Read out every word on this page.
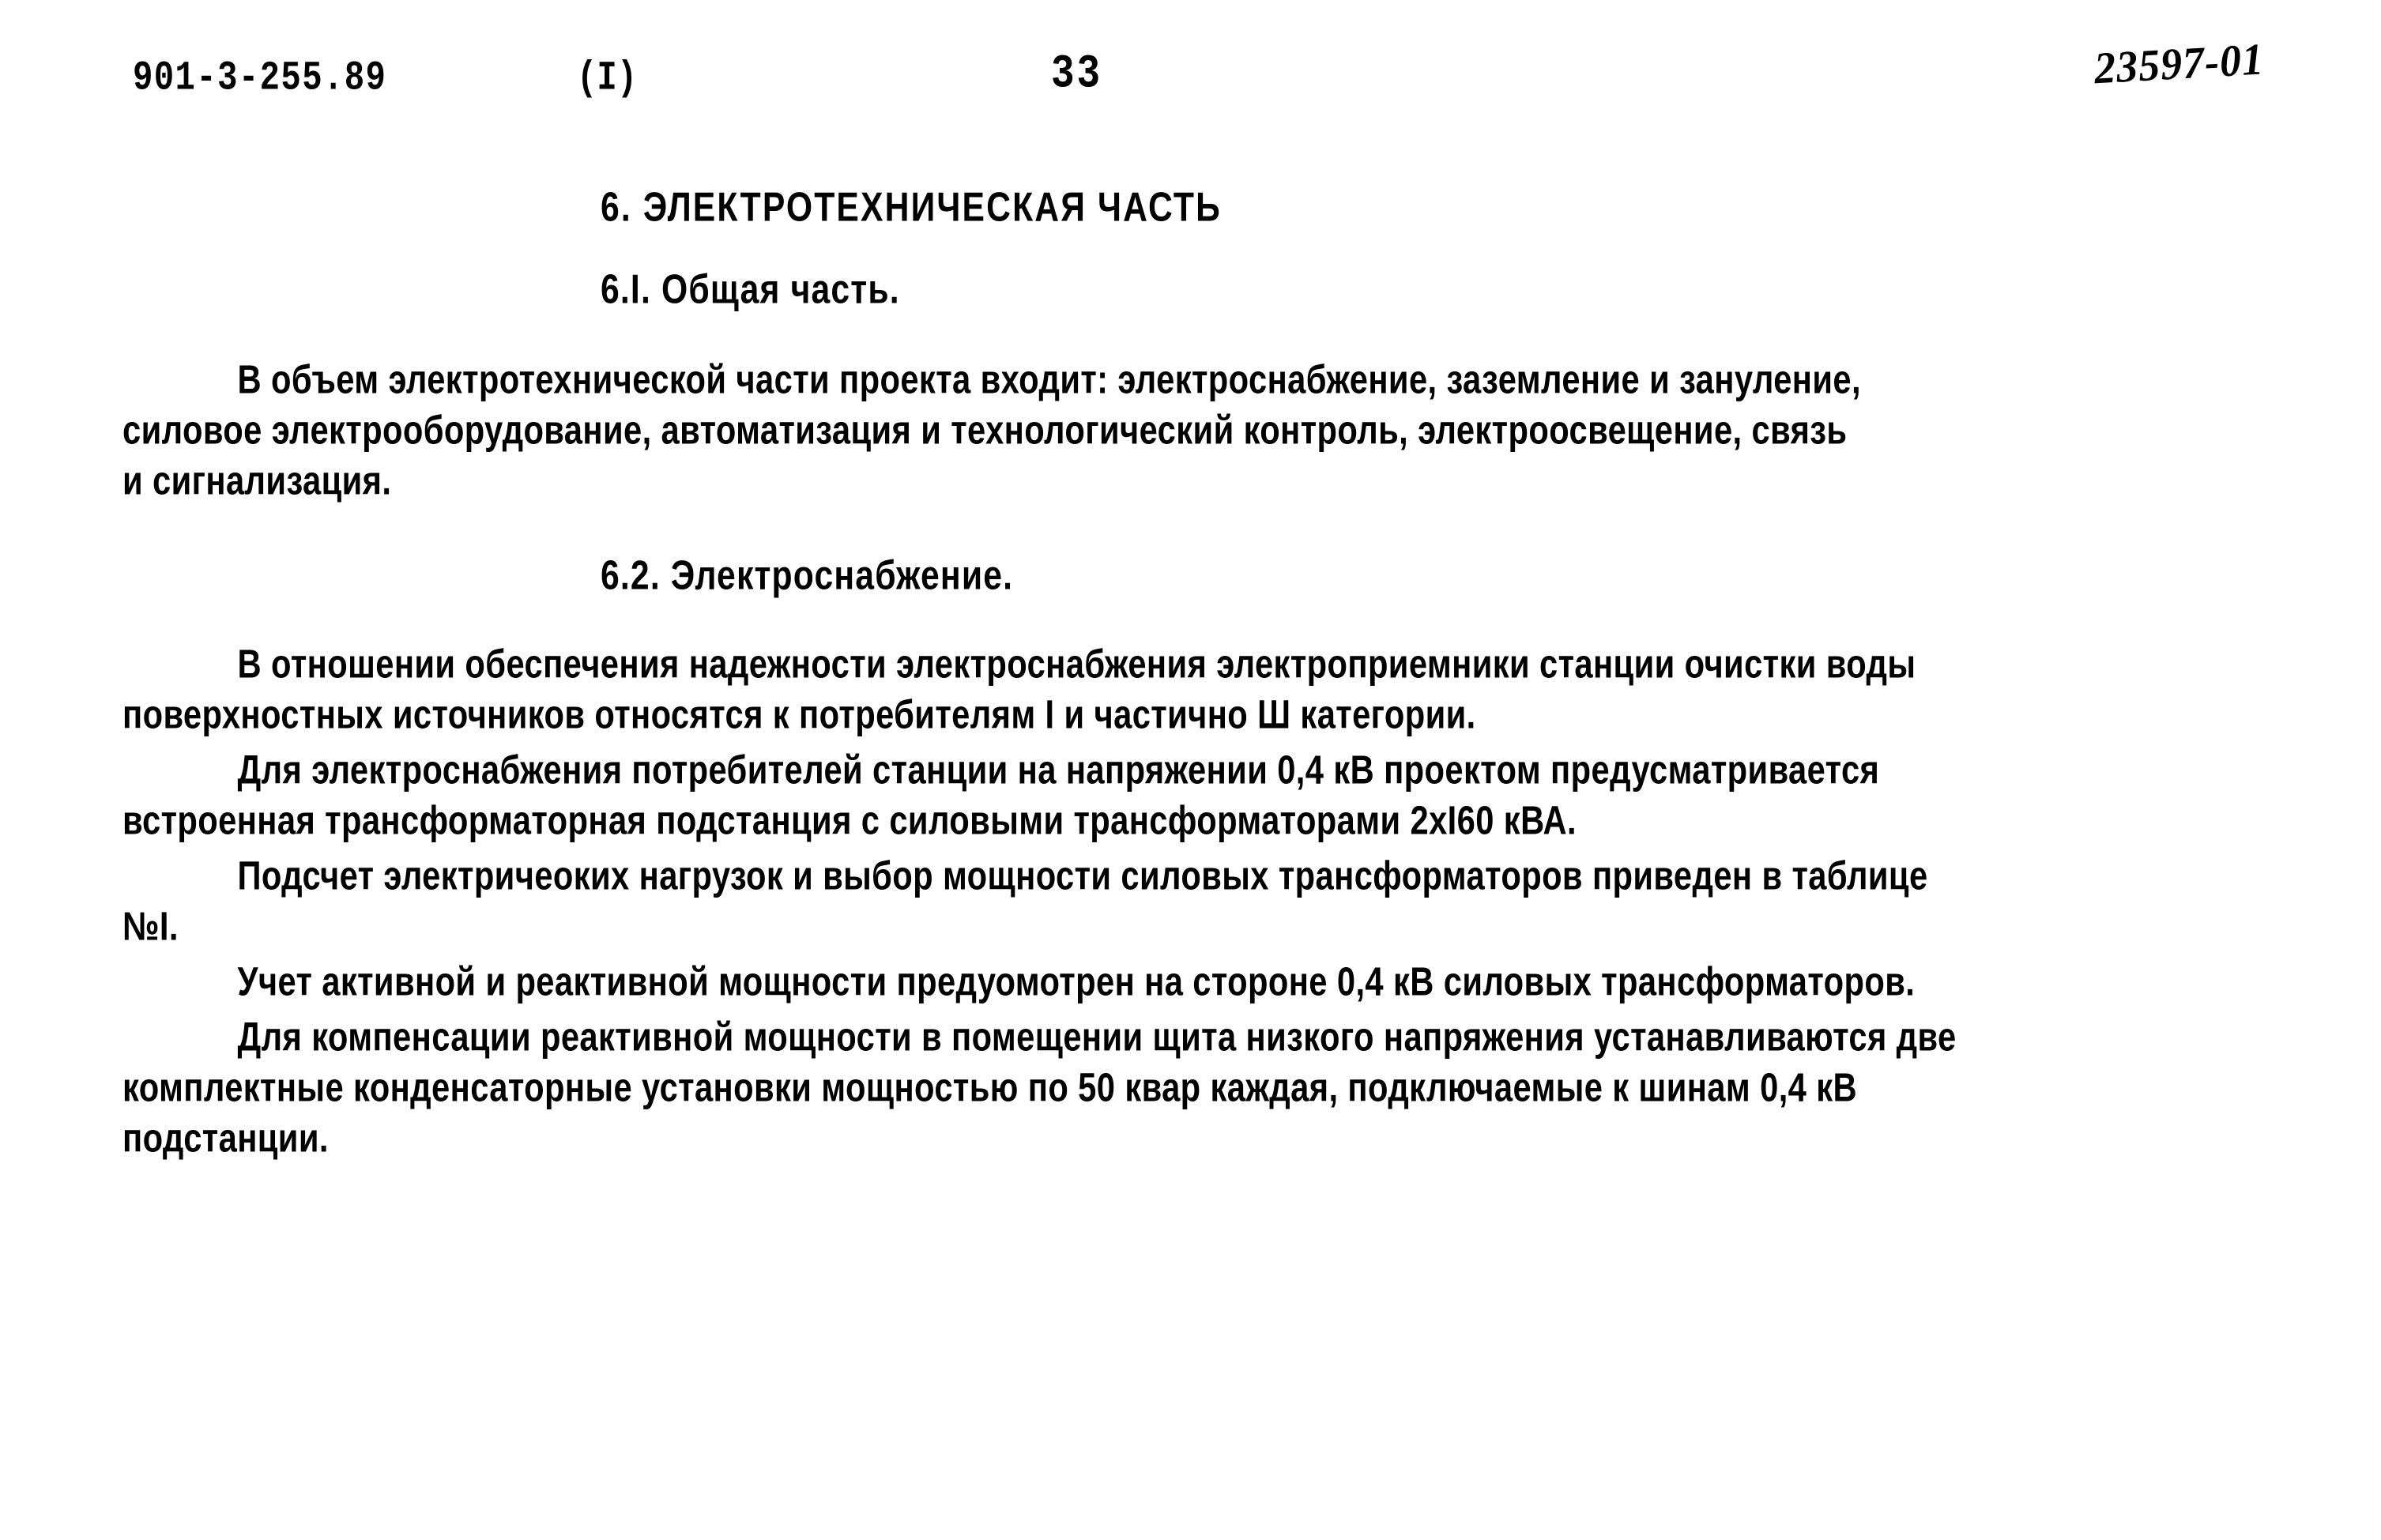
901-3-255.89	(I)	33	23597-01
6. ЭЛЕКТРОТЕХНИЧЕСКАЯ ЧАСТЬ
6.I. Общая часть.
В объем электротехнической части проекта входит: электроснабжение, заземление и зануление,
силовое электрооборудование, автоматизация и технологический контроль, электроосвещение, связь
и сигнализация.
6.2. Электроснабжение.
В отношении обеспечения надежности электроснабжения электроприемники станции очистки воды
поверхностных источников относятся к потребителям I и частично Ш категории.
Для электроснабжения потребителей станции на напряжении 0,4 кВ проектом предусматривается
встроенная трансформаторная подстанция с силовыми трансформаторами 2хI60 кВА.
Подсчет электричеоких нагрузок и выбор мощности силовых трансформаторов приведен в таблице
№I.
Учет активной и реактивной мощности предуомотрен на стороне 0,4 кВ силовых трансформаторов.
Для компенсации реактивной мощности в помещении щита низкого напряжения устанавливаются две
комплектные конденсаторные установки мощностью по 50 квар каждая, подключаемые к шинам 0,4 кВ
подстанции.
